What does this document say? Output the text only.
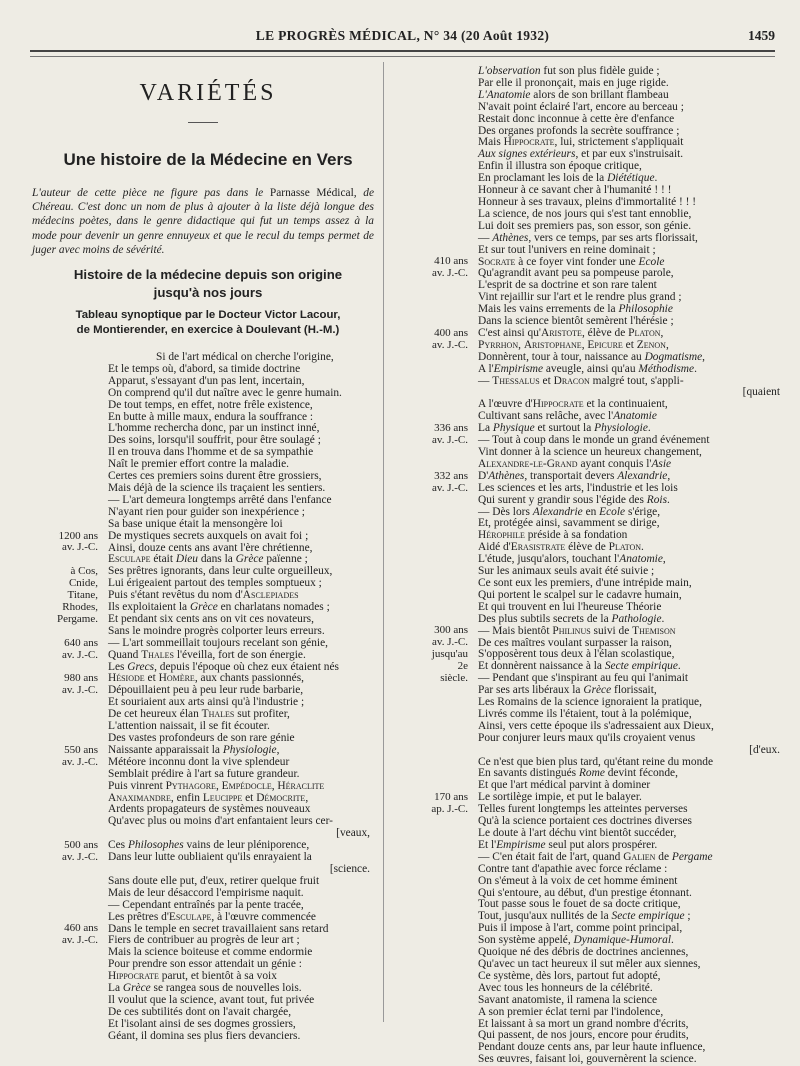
LE PROGRÈS MÉDICAL, N° 34 (20 Août 1932)	1459
VARIÉTÉS
Une histoire de la Médecine en Vers
L'auteur de cette pièce ne figure pas dans le Parnasse Médical, de Chéreau. C'est donc un nom de plus à ajouter à la liste déjà longue des médecins poètes, dans le genre didactique qui fut un temps assez à la mode pour devenir un genre ennuyeux et que le recul du temps permet de juger avec moins de sévérité.
Histoire de la médecine depuis son origine
jusqu'à nos jours
Tableau synoptique par le Docteur Victor Lacour,
de Montierender, en exercice à Doulevant (H.-M.)
Si de l'art médical on cherche l'origine,
Et le temps où, d'abord, sa timide doctrine
Apparut, s'essayant d'un pas lent, incertain,
On comprend qu'il dut naître avec le genre humain.
De tout temps, en effet, notre frêle existence,
En butte à mille maux, endura la souffrance :
L'homme rechercha donc, par un instinct inné,
Des soins, lorsqu'il souffrit, pour être soulagé ;
Il en trouva dans l'homme et de sa sympathie
Naît le premier effort contre la maladie.
Certes ces premiers soins durent être grossiers,
Mais déjà de la science ils traçaient les sentiers.
— L'art demeura longtemps arrêté dans l'enfance
N'ayant rien pour guider son inexpérience ;
Sa base unique était la mensongère loi
De mystiques secrets auxquels on avait foi ;
Ainsi, douze cents ans avant l'ère chrétienne,
Esculape était Dieu dans la Grèce païenne ;
Ses prêtres ignorants, dans leur culte orgueilleux,
Lui érigeaient partout des temples somptueux ;
Puis s'étant revêtus du nom d'Asclepiades
Ils exploitaient la Grèce en charlatans nomades ;
Et pendant six cents ans on vit ces novateurs,
Sans le moindre progrès colporter leurs erreurs.
— L'art sommeillait toujours recelant son génie,
Quand Thales l'éveilla, fort de son énergie.
Les Grecs, depuis l'époque où chez eux étaient nés
Hésiode et Homère, aux chants passionnés,
Dépouillaient peu à peu leur rude barbarie,
Et souriaient aux arts ainsi qu'à l'industrie ;
De cet heureux élan Thales sut profiter,
L'attention naissait, il se fit écouter.
Des vastes profondeurs de son rare génie
Naissante apparaissait la Physiologie,
Météore inconnu dont la vive splendeur
Semblait prédire à l'art sa future grandeur.
Puis vinrent Pythagore, Empédocle, Héraclite
Anaximandre, enfin Leucippe et Démocrite,
Ardents propagateurs de systèmes nouveaux
Qu'avec plus ou moins d'art enfantaient leurs cer-
[veaux,
Ces Philosophes vains de leur pléniporence,
Dans leur lutte oubliaient qu'ils enrayaient la
[science.
Sans doute elle put, d'eux, retirer quelque fruit
Mais de leur désaccord l'empirisme naquit.
— Cependant entraînés par la pente tracée,
Les prêtres d'Esculape, à l'œuvre commencée
Dans le temple en secret travaillaient sans retard
Fiers de contribuer au progrès de leur art ;
Mais la science boiteuse et comme endormie
Pour prendre son essor attendait un génie :
Hippocrate parut, et bientôt à sa voix
La Grèce se rangea sous de nouvelles lois.
Il voulut que la science, avant tout, fut privée
De ces subtilités dont on l'avait chargée,
Et l'isolant ainsi de ses dogmes grossiers,
Géant, il domina ses plus fiers devanciers.
1200 ans
av. J.-C.
à Cos,
Cnide,
Titane,
Rhodes,
Pergame.
640 ans
av. J.-C.
980 ans
av. J.-C.
550 ans
av. J.-C.
500 ans
av. J.-C.
460 ans
av. J.-C.
L'observation fut son plus fidèle guide ;
Par elle il prononçait, mais en juge rigide.
L'Anatomie alors de son brillant flambeau
N'avait point éclairé l'art, encore au berceau ;
Restait donc inconnue à cette ère d'enfance
Des organes profonds la secrète souffrance ;
Mais Hippocrate, lui, strictement s'appliquait
Aux signes extérieurs, et par eux s'instruisait.
Enfin il illustra son époque critique,
En proclamant les lois de la Diététique.
Honneur à ce savant cher à l'humanité ! ! !
Honneur à ses travaux, pleins d'immortalité ! ! !
La science, de nos jours qui s'est tant ennoblie,
Lui doit ses premiers pas, son essor, son génie.
— Athènes, vers ce temps, par ses arts florissait,
Et sur tout l'univers en reine dominait ;
Socrate à ce foyer vint fonder une Ecole
Qu'agrandit avant peu sa pompeuse parole,
L'esprit de sa doctrine et son rare talent
Vint rejaillir sur l'art et le rendre plus grand ;
Mais les vains errements de la Philosophie
Dans la science bientôt semèrent l'hérésie ;
C'est ainsi qu'Aristote, élève de Platon,
Pyrrhon, Aristophane, Epicure et Zenon,
Donnèrent, tour à tour, naissance au Dogmatisme,
A l'Empirisme aveugle, ainsi qu'au Méthodisme.
— Thessalus et Dracon malgré tout, s'appli-
[quaient
A l'œuvre d'Hippocrate et la continuaient,
Cultivant sans relâche, avec l'Anatomie
La Physique et surtout la Physiologie.
— Tout à coup dans le monde un grand événement
Vint donner à la science un heureux changement,
Alexandre-le-Grand ayant conquis l'Asie
D'Athènes, transportait devers Alexandrie,
Les sciences et les arts, l'industrie et les lois
Qui surent y grandir sous l'égide des Rois.
— Dès lors Alexandrie en Ecole s'érige,
Et, protégée ainsi, savamment se dirige,
Hérophile préside à sa fondation
Aidé d'Erasistrate élève de Platon.
L'étude, jusqu'alors, touchant l'Anatomie,
Sur les animaux seuls avait été suivie ;
Ce sont eux les premiers, d'une intrépide main,
Qui portent le scalpel sur le cadavre humain,
Et qui trouvent en lui l'heureuse Théorie
Des plus subtils secrets de la Pathologie.
— Mais bientôt Philinus suivi de Themison
De ces maîtres voulant surpasser la raison,
S'opposèrent tous deux à l'élan scolastique,
Et donnèrent naissance à la Secte empirique.
— Pendant que s'inspirant au feu qui l'animait
Par ses arts libéraux la Grèce florissait,
Les Romains de la science ignoraient la pratique,
Livrés comme ils l'étaient, tout à la polémique,
Ainsi, vers cette époque ils s'adressaient aux Dieux,
Pour conjurer leurs maux qu'ils croyaient venus
[d'eux.
Ce n'est que bien plus tard, qu'étant reine du monde
En savants distingués Rome devint féconde,
Et que l'art médical parvint à dominer
Le sortilège impie, et put le balayer.
Telles furent longtemps les atteintes perverses
Qu'à la science portaient ces doctrines diverses
Le doute à l'art déchu vint bientôt succéder,
Et l'Empirisme seul put alors prospérer.
— C'en était fait de l'art, quand Galien de Pergame
Contre tant d'apathie avec force réclame :
On s'émeut à la voix de cet homme éminent
Qui s'entoure, au début, d'un prestige étonnant.
Tout passe sous le fouet de sa docte critique,
Tout, jusqu'aux nullités de la Secte empirique ;
Puis il impose à l'art, comme point principal,
Son système appelé, Dynamique-Humoral.
Quoique né des débris de doctrines anciennes,
Qu'avec un tact heureux il sut mêler aux siennes,
Ce système, dès lors, partout fut adopté,
Avec tous les honneurs de la célébrité.
Savant anatomiste, il ramena la science
A son premier éclat terni par l'indolence,
Et laissant à sa mort un grand nombre d'écrits,
Qui passent, de nos jours, encore pour érudits,
Pendant douze cents ans, par leur haute influence,
Ses œuvres, faisant loi, gouvernèrent la science.
410 ans
av. J.-C.
400 ans
av. J.-C.
336 ans
av. J.-C.
332 ans
av. J.-C.
300 ans
av. J.-C.
jusqu'au
2e
siècle.
170 ans
ap. J.-C.
